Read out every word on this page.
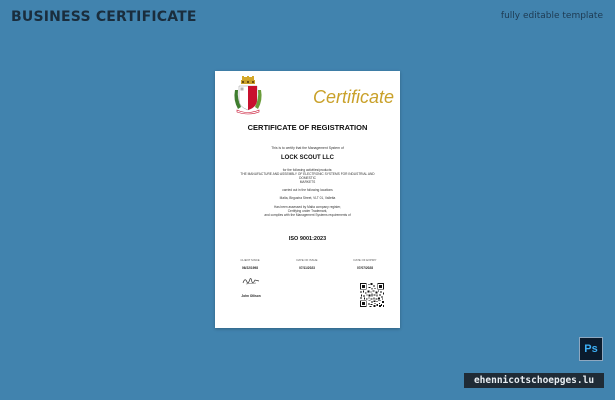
BUSINESS CERTIFICATE	fully editable template
Certificate
CERTIFICATE OF REGISTRATION
This is to certify that the Management System of
LOCK SCOUT LLC
for the following activities/products:
THE MANUFACTURE AND ASSEMBLY OF ELECTRONIC SYSTEMS FOR INDUSTRIAL AND
DOMESTIC
MARKETS
carried out in the following locations
Malta, Birgustra Street, VLT 01, Valletta
Has been assessed by Malta company register,
Certifying under Trademark,
and complies with the Management Systems requirements of
ISO 9001:2023
CLIENT SINCE
06/22/1998
DATE OF ISSUE
07/11/2023
DATE OF EXPIRY
07/07/2028
John Ollison
Ps
ehennicotschoepges.lu
